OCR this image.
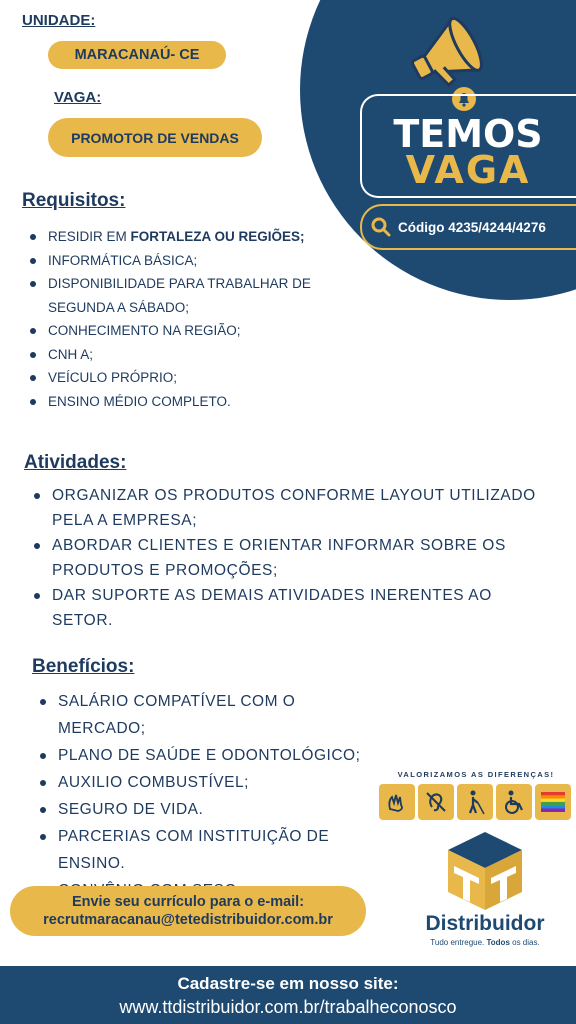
TEMOS
VAGA
Código 4235/4244/4276
UNIDADE:
MARACANAÚ- CE
VAGA:
PROMOTOR DE VENDAS
Requisitos:
RESIDIR EM FORTALEZA OU REGIÕES;
INFORMÁTICA BÁSICA;
DISPONIBILIDADE PARA TRABALHAR DE SEGUNDA A SÁBADO;
CONHECIMENTO NA REGIÃO;
CNH A;
VEÍCULO PRÓPRIO;
ENSINO MÉDIO COMPLETO.
Atividades:
ORGANIZAR OS PRODUTOS CONFORME LAYOUT UTILIZADO PELA A EMPRESA;
ABORDAR CLIENTES E ORIENTAR INFORMAR SOBRE OS PRODUTOS E PROMOÇÕES;
DAR SUPORTE AS DEMAIS ATIVIDADES INERENTES AO SETOR.
Benefícios:
SALÁRIO COMPATÍVEL COM O MERCADO;
PLANO DE SAÚDE E ODONTOLÓGICO;
AUXILIO COMBUSTÍVEL;
SEGURO DE VIDA.
PARCERIAS COM INSTITUIÇÃO DE ENSINO.
VALORIZAMOS AS DIFERENÇAS!
Distribuidor
Tudo entregue. Todos os dias.
Envie seu currículo para o e-mail:
recrutmaracanau@tetedistribuidor.com.br
Cadastre-se em nosso site:
www.ttdistribuidor.com.br/trabalheconosco
